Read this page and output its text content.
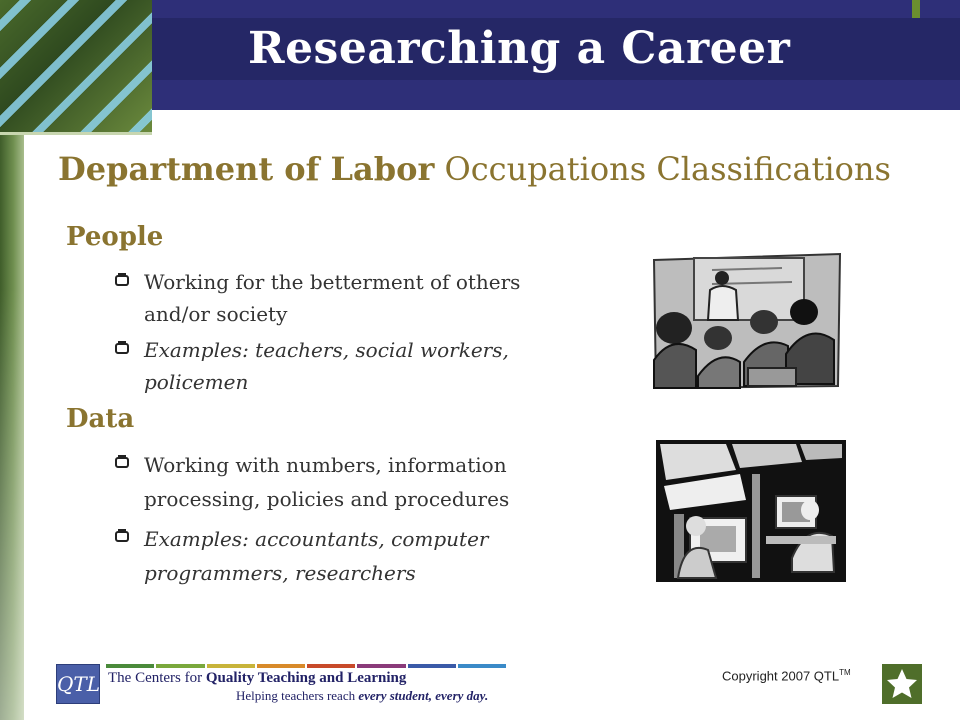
Researching a Career
Department of Labor Occupations Classifications
People
Working for the betterment of others
and/or society
Examples: teachers, social workers,
policemen
Data
Working with numbers, information
processing, policies and procedures
Examples: accountants, computer
programmers, researchers
QTL The Centers for Quality Teaching and Learning
Helping teachers reach every student, every day.
Copyright 2007 QTL™
